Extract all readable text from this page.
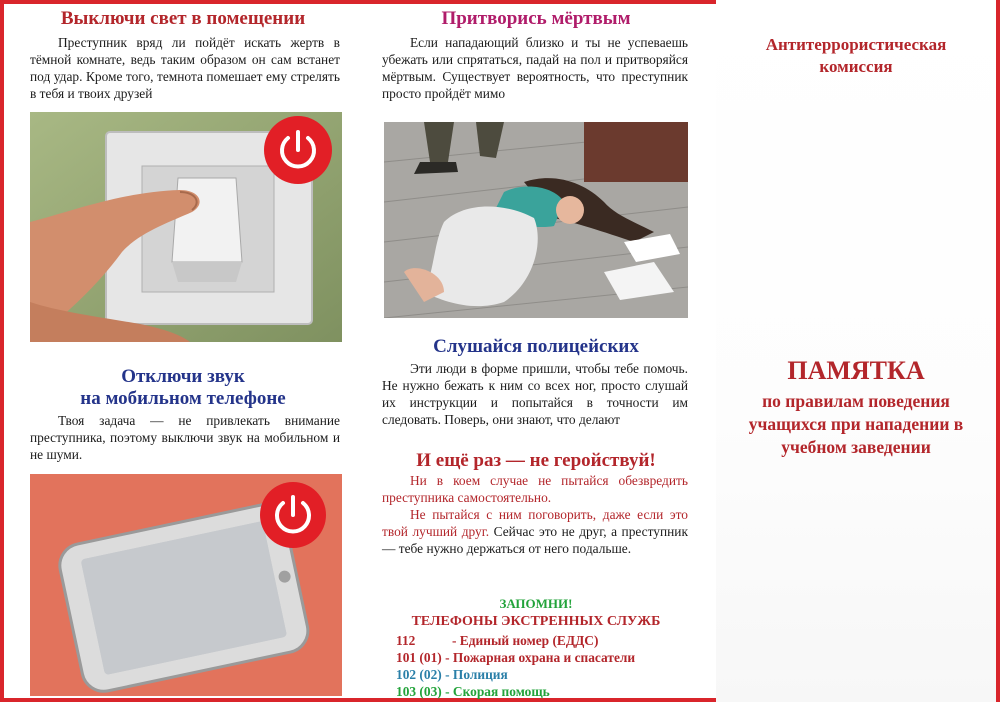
Выключи свет в помещении

Преступник вряд ли пойдёт искать жертв в тёмной комнате, ведь таким образом он сам встанет под удар. Кроме того, темнота помешает ему стрелять в тебя и твоих друзей

Отключи звук

на мобильном телефоне

Твоя задача — не привлекать внимание преступника, поэтому выключи звук на мобильном и не шуми.

Притворись мёртвым

Если нападающий близко и ты не успеваешь убежать или спрятаться, падай на пол и притворяйся мёртвым. Существует вероятность, что преступник просто пройдёт мимо

Слушайся полицейских

Эти люди в форме пришли, чтобы тебе помочь. Не нужно бежать к ним со всех ног, просто слушай их инструкции и попытайся в точности им следовать. Поверь, они знают, что делают

И ещё раз — не геройствуй!

Ни в коем случае не пытайся обезвредить преступника самостоятельно.

Не пытайся с ним поговорить, даже если это твой лучший друг. Сейчас это не друг, а преступник — тебе нужно держаться от него подальше.

ЗАПОМНИ!

ТЕЛЕФОНЫ ЭКСТРЕННЫХ СЛУЖБ

112	- Единый номер (ЕДДС)

101 (01) - Пожарная охрана и спасатели

102 (02) - Полиция

103 (03) - Скорая помощь

Антитеррористическая

комиссия

ПАМЯТКА

по правилам поведения

учащихся при нападении в

учебном заведении
